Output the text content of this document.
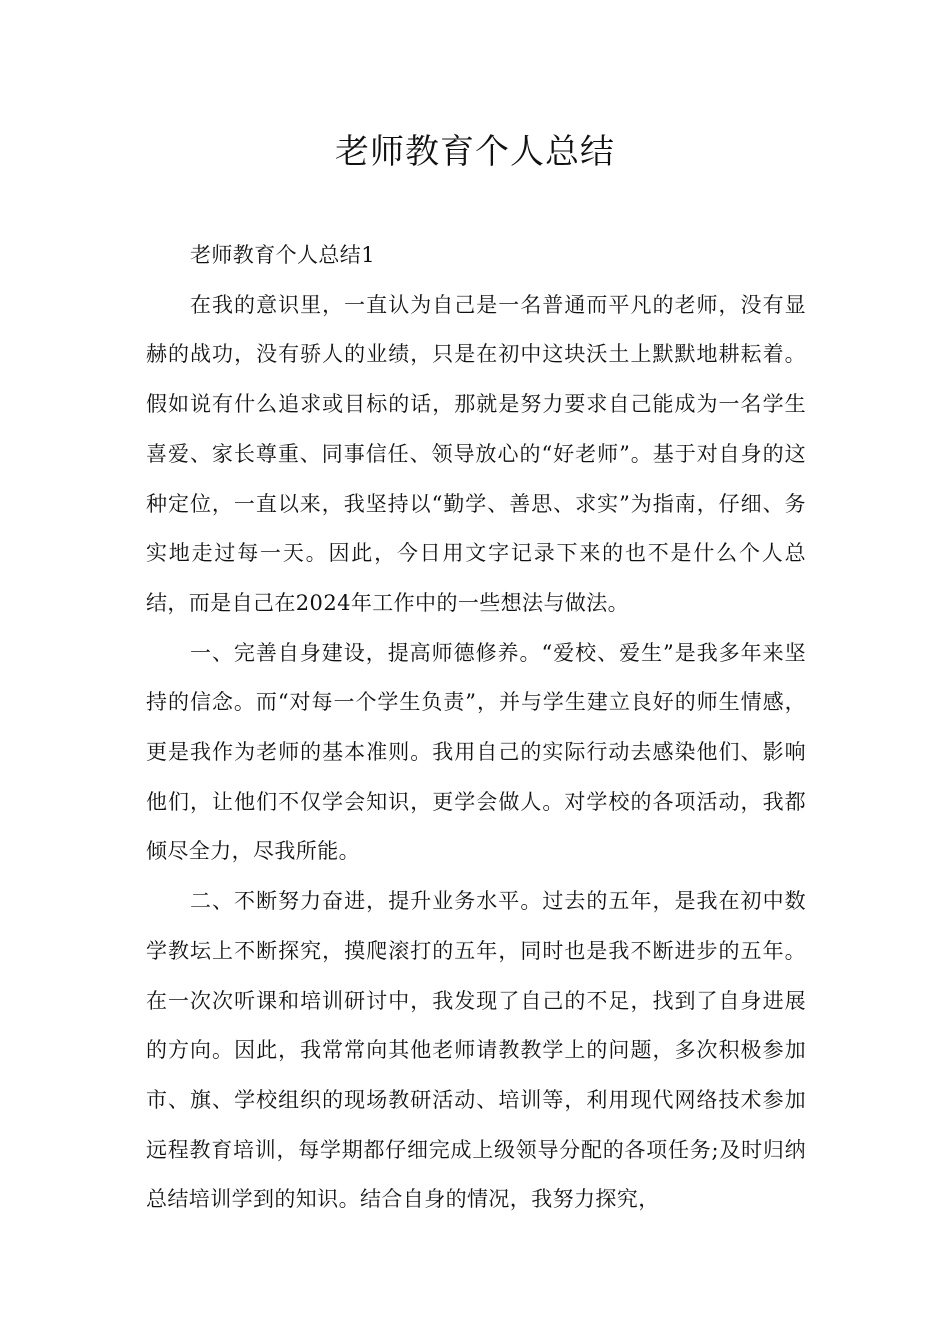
老师教育个人总结

老师教育个人总结1

在我的意识里，一直认为自己是一名普通而平凡的老师，没有显赫的战功，没有骄人的业绩，只是在初中这块沃土上默默地耕耘着。假如说有什么追求或目标的话，那就是努力要求自己能成为一名学生喜爱、家长尊重、同事信任、领导放心的“好老师”。基于对自身的这种定位，一直以来，我坚持以“勤学、善思、求实”为指南，仔细、务实地走过每一天。因此，今日用文字记录下来的也不是什么个人总结，而是自己在2024年工作中的一些想法与做法。

一、完善自身建设，提高师德修养。“爱校、爱生”是我多年来坚持的信念。而“对每一个学生负责”，并与学生建立良好的师生情感，更是我作为老师的基本准则。我用自己的实际行动去感染他们、影响他们，让他们不仅学会知识，更学会做人。对学校的各项活动，我都倾尽全力，尽我所能。

二、不断努力奋进，提升业务水平。过去的五年，是我在初中数学教坛上不断探究，摸爬滚打的五年，同时也是我不断进步的五年。在一次次听课和培训研讨中，我发现了自己的不足，找到了自身进展的方向。因此，我常常向其他老师请教教学上的问题，多次积极参加市、旗、学校组织的现场教研活动、培训等，利用现代网络技术参加远程教育培训，每学期都仔细完成上级领导分配的各项任务;及时归纳总结培训学到的知识。结合自身的情况，我努力探究，
